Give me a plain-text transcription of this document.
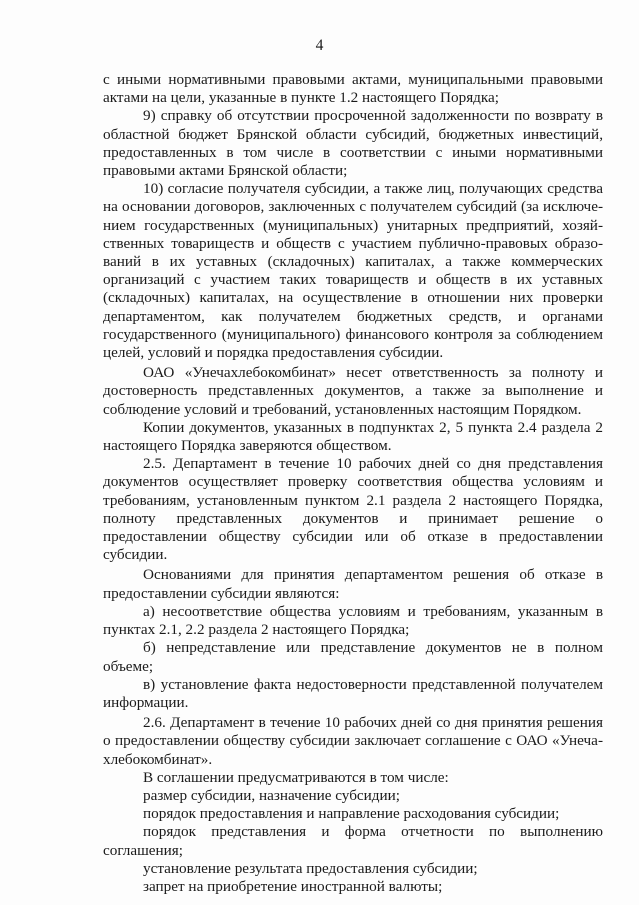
4

с иными нормативными правовыми актами, муниципальными правовыми актами на цели, указанные в пункте 1.2 настоящего Порядка;

9) справку об отсутствии просроченной задолженности по возврату в областной бюджет Брянской области субсидий, бюджетных инвестиций, предоставленных в том числе в соответствии с иными нормативными правовыми актами Брянской области;

10) согласие получателя субсидии, а также лиц, получающих средства на основании договоров, заключенных с получателем субсидий (за исключением государственных (муниципальных) унитарных предприятий, хозяйственных товариществ и обществ с участием публично-правовых образований в их уставных (складочных) капиталах, а также коммерческих организаций с участием таких товариществ и обществ в их уставных (складочных) капиталах, на осуществление в отношении них проверки департаментом, как получателем бюджетных средств, и органами государственного (муниципального) финансового контроля за соблюдением целей, условий и порядка предоставления субсидии.

ОАО «Унечахлебокомбинат» несет ответственность за полноту и достоверность представленных документов, а также за выполнение и соблюдение условий и требований, установленных настоящим Порядком.

Копии документов, указанных в подпунктах 2, 5 пункта 2.4 раздела 2 настоящего Порядка заверяются обществом.

2.5. Департамент в течение 10 рабочих дней со дня представления документов осуществляет проверку соответствия общества условиям и требованиям, установленным пунктом 2.1 раздела 2 настоящего Порядка, полноту представленных документов и принимает решение о предоставлении обществу субсидии или об отказе в предоставлении субсидии.

Основаниями для принятия департаментом решения об отказе в предоставлении субсидии являются:

а) несоответствие общества условиям и требованиям, указанным в пунктах 2.1, 2.2 раздела 2 настоящего Порядка;

б) непредставление или представление документов не в полном объеме;

в) установление факта недостоверности представленной получателем информации.

2.6. Департамент в течение 10 рабочих дней со дня принятия решения о предоставлении обществу субсидии заключает соглашение с ОАО «Унечахлебокомбинат».

В соглашении предусматриваются в том числе:

размер субсидии, назначение субсидии;

порядок предоставления и направление расходования субсидии;

порядок представления и форма отчетности по выполнению соглашения;

установление результата предоставления субсидии;

запрет на приобретение иностранной валюты;
